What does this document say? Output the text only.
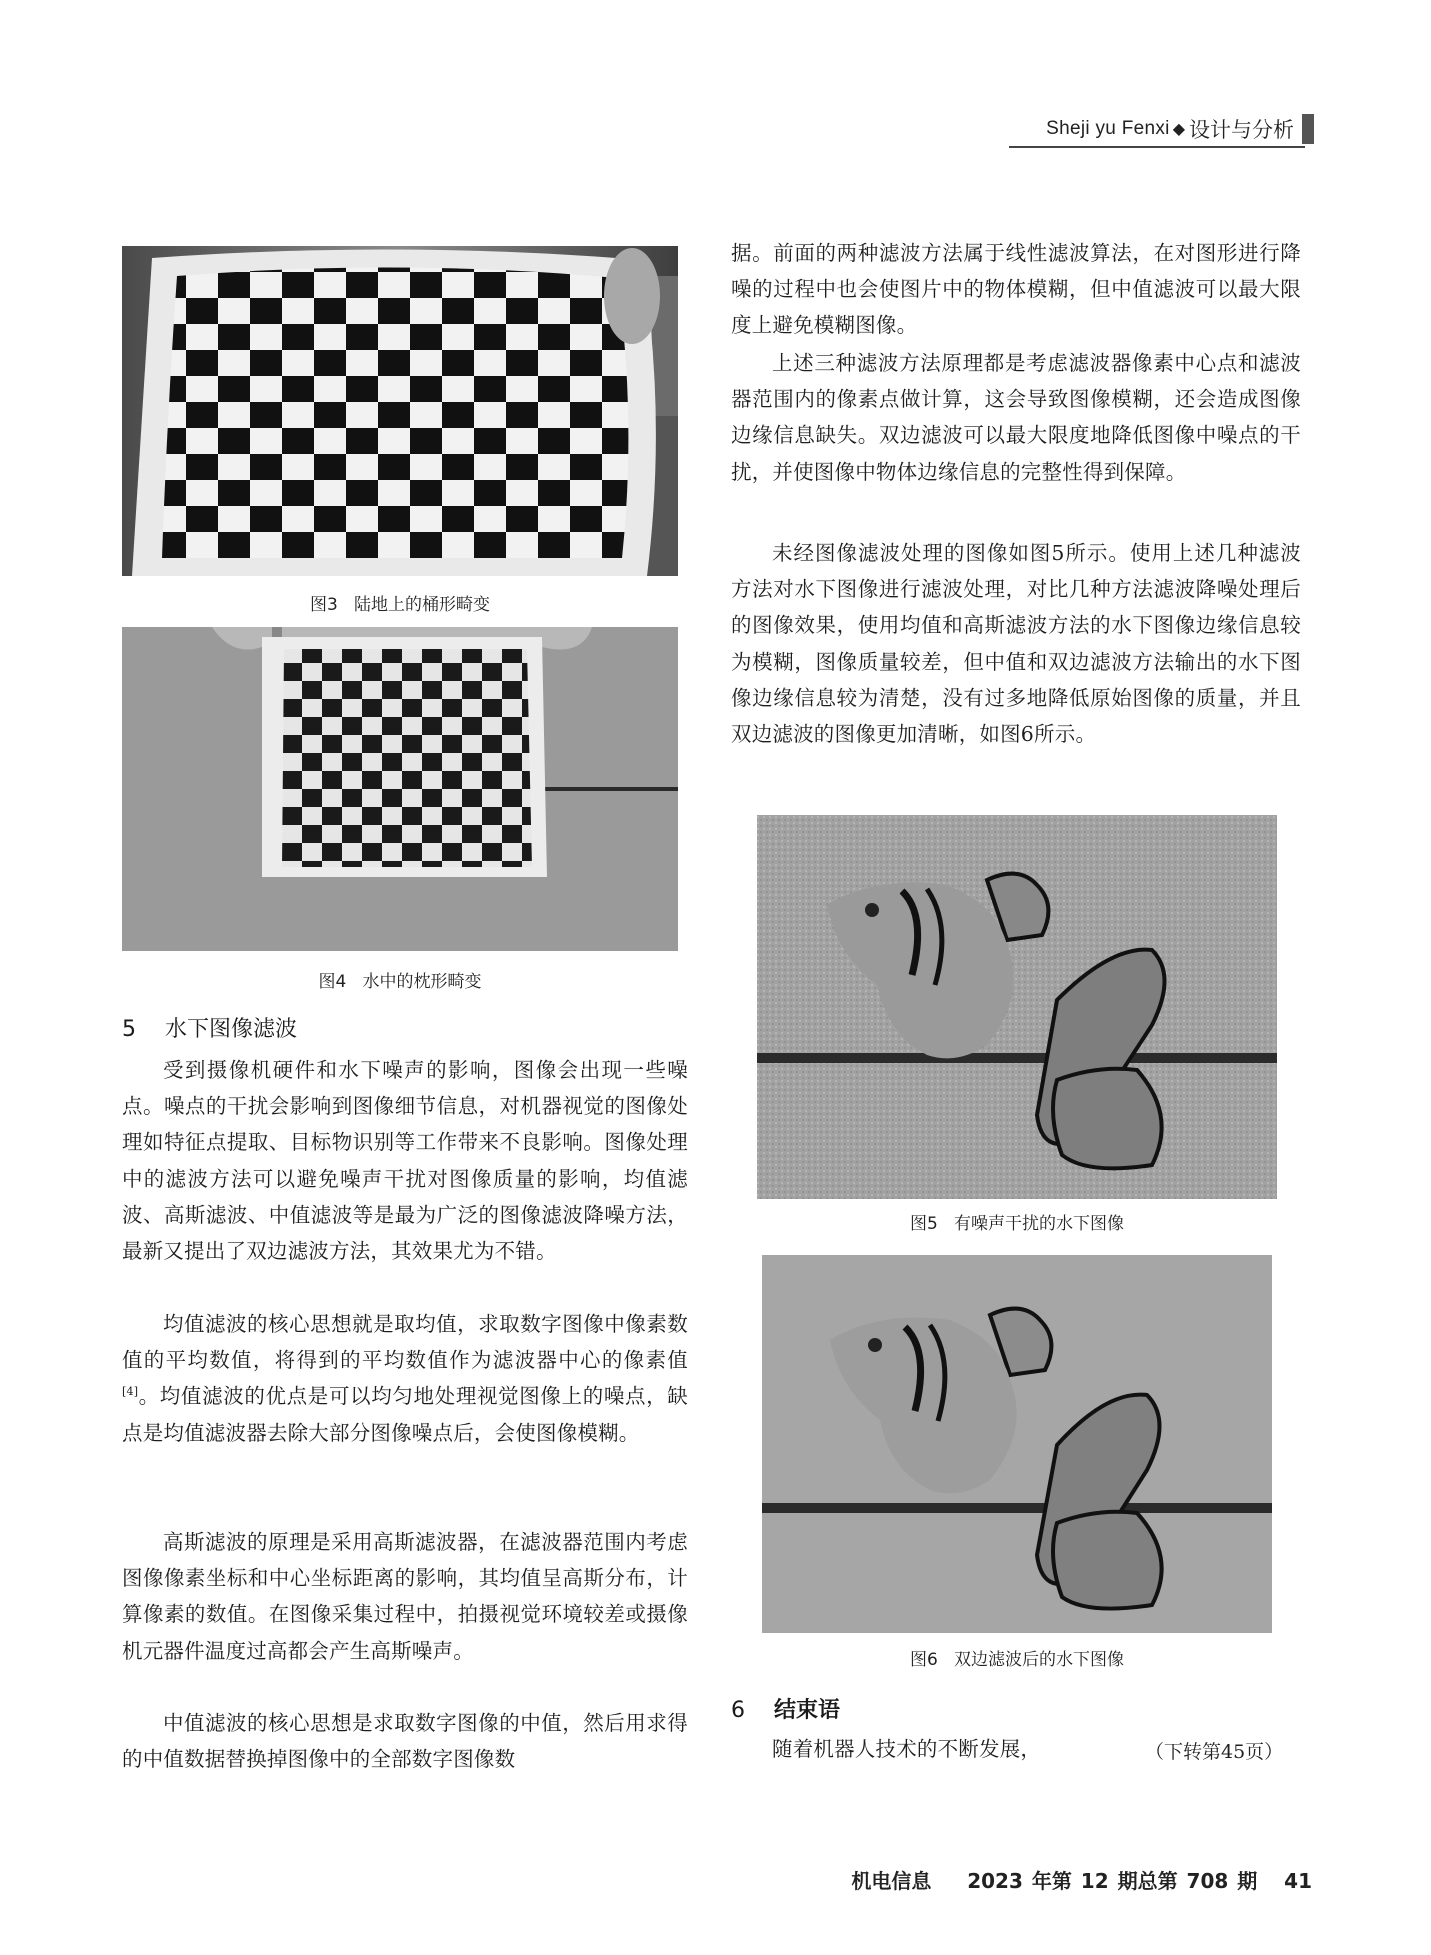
Sheji yu Fenxi ◆ 设计与分析
图3   陆地上的桶形畸变
图4   水中的枕形畸变
5 水下图像滤波

受到摄像机硬件和水下噪声的影响，图像会出现一些噪点。噪点的干扰会影响到图像细节信息，对机器视觉的图像处理如特征点提取、目标物识别等工作带来不良影响。图像处理中的滤波方法可以避免噪声干扰对图像质量的影响，均值滤波、高斯滤波、中值滤波等是最为广泛的图像滤波降噪方法，最新又提出了双边滤波方法，其效果尤为不错。

均值滤波的核心思想就是取均值，求取数字图像中像素数值的平均数值，将得到的平均数值作为滤波器中心的像素值[4]。均值滤波的优点是可以均匀地处理视觉图像上的噪点，缺点是均值滤波器去除大部分图像噪点后，会使图像模糊。

高斯滤波的原理是采用高斯滤波器，在滤波器范围内考虑图像像素坐标和中心坐标距离的影响，其均值呈高斯分布，计算像素的数值。在图像采集过程中，拍摄视觉环境较差或摄像机元器件温度过高都会产生高斯噪声。

中值滤波的核心思想是求取数字图像的中值，然后用求得的中值数据替换掉图像中的全部数字图像数

据。前面的两种滤波方法属于线性滤波算法，在对图形进行降噪的过程中也会使图片中的物体模糊，但中值滤波可以最大限度上避免模糊图像。

上述三种滤波方法原理都是考虑滤波器像素中心点和滤波器范围内的像素点做计算，这会导致图像模糊，还会造成图像边缘信息缺失。双边滤波可以最大限度地降低图像中噪点的干扰，并使图像中物体边缘信息的完整性得到保障。

未经图像滤波处理的图像如图5所示。使用上述几种滤波方法对水下图像进行滤波处理，对比几种方法滤波降噪处理后的图像效果，使用均值和高斯滤波方法的水下图像边缘信息较为模糊，图像质量较差，但中值和双边滤波方法输出的水下图像边缘信息较为清楚，没有过多地降低原始图像的质量，并且双边滤波的图像更加清晰，如图6所示。

图5   有噪声干扰的水下图像
图6   双边滤波后的水下图像
6 结束语

随着机器人技术的不断发展，	（下转第45页）
机电信息 2023 年第 12 期总第 708 期 41
